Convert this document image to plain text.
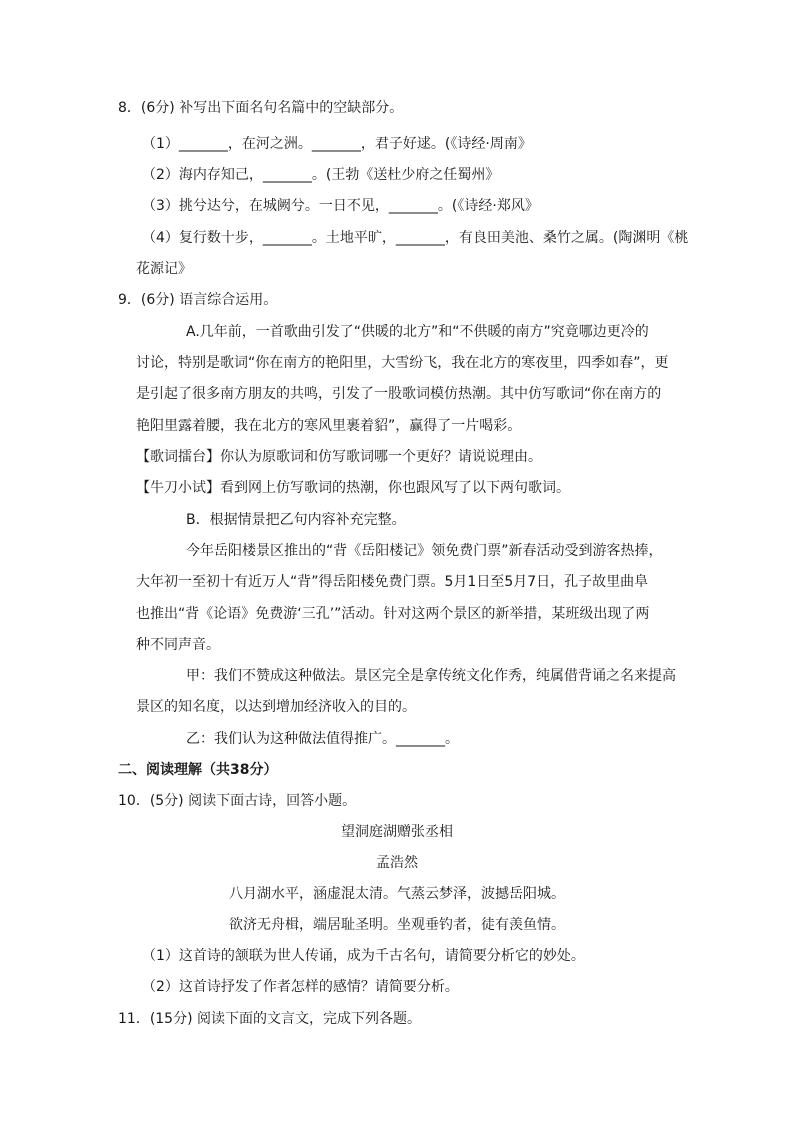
8．(6分) 补写出下面名句名篇中的空缺部分。
（1）_______，在河之洲。_______，君子好逑。(《诗经·周南》
（2）海内存知己，_______。(王勃《送杜少府之任蜀州》
（3）挑兮达兮，在城阙兮。一日不见，_______。(《诗经·郑风》
（4）复行数十步，_______。土地平旷，_______，有良田美池、桑竹之属。(陶渊明《桃
花源记》
9．(6分) 语言综合运用。
A.几年前，一首歌曲引发了“供暖的北方”和“不供暖的南方”究竟哪边更冷的
讨论，特别是歌词“你在南方的艳阳里，大雪纷飞，我在北方的寒夜里，四季如春”，更
是引起了很多南方朋友的共鸣，引发了一股歌词模仿热潮。其中仿写歌词“你在南方的
艳阳里露着腰，我在北方的寒风里裹着貂”，赢得了一片喝彩。
【歌词擂台】你认为原歌词和仿写歌词哪一个更好？请说说理由。
【牛刀小试】看到网上仿写歌词的热潮，你也跟风写了以下两句歌词。
B．根据情景把乙句内容补充完整。
今年岳阳楼景区推出的“背《岳阳楼记》领免费门票”新春活动受到游客热捧，
大年初一至初十有近万人“背”得岳阳楼免费门票。5月1日至5月7日，孔子故里曲阜
也推出“背《论语》免费游‘三孔’”活动。针对这两个景区的新举措，某班级出现了两
种不同声音。
甲：我们不赞成这种做法。景区完全是拿传统文化作秀，纯属借背诵之名来提高
景区的知名度，以达到增加经济收入的目的。
乙：我们认为这种做法值得推广。_______。
二、阅读理解（共38分）
10．(5分) 阅读下面古诗，回答小题。
望洞庭湖赠张丞相
孟浩然
八月湖水平，涵虚混太清。气蒸云梦泽，波撼岳阳城。
欲济无舟楫，端居耻圣明。坐观垂钓者，徒有羡鱼情。
（1）这首诗的颔联为世人传诵，成为千古名句，请简要分析它的妙处。
（2）这首诗抒发了作者怎样的感情？请简要分析。
11．(15分) 阅读下面的文言文，完成下列各题。
